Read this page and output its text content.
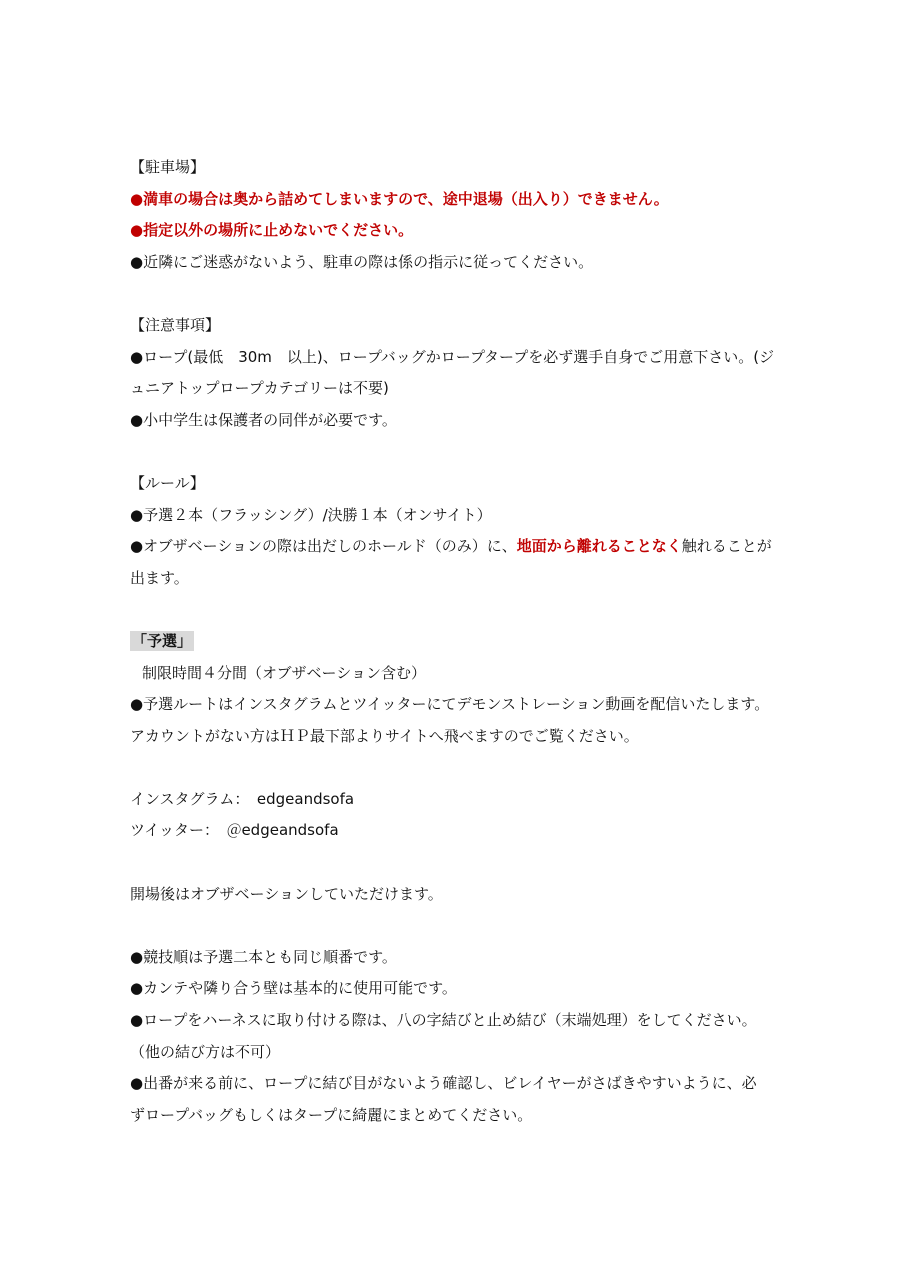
【駐車場】
●満車の場合は奥から詰めてしまいますので、途中退場（出入り）できません。
●指定以外の場所に止めないでください。
●近隣にご迷惑がないよう、駐車の際は係の指示に従ってください。
【注意事項】
●ロープ(最低　30m　以上)、ロープバッグかロープタープを必ず選手自身でご用意下さい。(ジ
ュニアトップロープカテゴリーは不要)
●小中学生は保護者の同伴が必要です。
【ルール】
●予選２本（フラッシング）/決勝１本（オンサイト）
●オブザベーションの際は出だしのホールド（のみ）に、地面から離れることなく触れることが
出ます。
「予選」
制限時間４分間（オブザベーション含む）
●予選ルートはインスタグラムとツイッターにてデモンストレーション動画を配信いたします。
アカウントがない方はＨＰ最下部よりサイトへ飛べますのでご覧ください。
インスタグラム：　edgeandsofa
ツイッター：　＠edgeandsofa
開場後はオブザベーションしていただけます。
●競技順は予選二本とも同じ順番です。
●カンテや隣り合う壁は基本的に使用可能です。
●ロープをハーネスに取り付ける際は、八の字結びと止め結び（末端処理）をしてください。
（他の結び方は不可）
●出番が来る前に、ロープに結び目がないよう確認し、ビレイヤーがさばきやすいように、必
ずロープバッグもしくはタープに綺麗にまとめてください。
